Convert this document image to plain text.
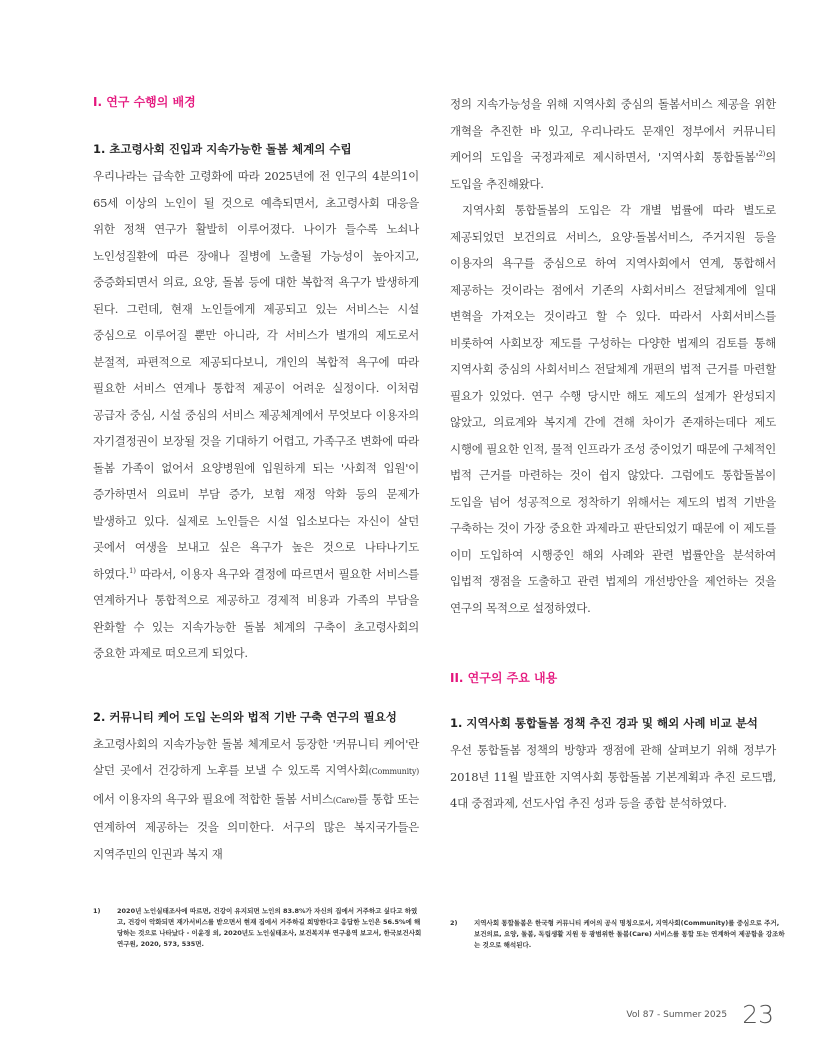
I. 연구 수행의 배경
1. 초고령사회 진입과 지속가능한 돌봄 체계의 수립

우리나라는 급속한 고령화에 따라 2025년에 전 인구의 4분의1이 65세 이상의 노인이 될 것으로 예측되면서, 초고령사회 대응을 위한 정책 연구가 활발히 이루어졌다. 나이가 들수록 노쇠나 노인성질환에 따른 장애나 질병에 노출될 가능성이 높아지고, 중증화되면서 의료, 요양, 돌봄 등에 대한 복합적 욕구가 발생하게 된다. 그런데, 현재 노인들에게 제공되고 있는 서비스는 시설 중심으로 이루어질 뿐만 아니라, 각 서비스가 별개의 제도로서 분절적, 파편적으로 제공되다보니, 개인의 복합적 욕구에 따라 필요한 서비스 연계나 통합적 제공이 어려운 실정이다. 이처럼 공급자 중심, 시설 중심의 서비스 제공체계에서 무엇보다 이용자의 자기결정권이 보장될 것을 기대하기 어렵고, 가족구조 변화에 따라 돌봄 가족이 없어서 요양병원에 입원하게 되는 '사회적 입원'이 증가하면서 의료비 부담 증가, 보험 재정 악화 등의 문제가 발생하고 있다. 실제로 노인들은 시설 입소보다는 자신이 살던 곳에서 여생을 보내고 싶은 욕구가 높은 것으로 나타나기도 하였다.$^{1)}$ 따라서, 이용자 욕구와 결정에 따르면서 필요한 서비스를 연계하거나 통합적으로 제공하고 경제적 비용과 가족의 부담을 완화할 수 있는 지속가능한 돌봄 체계의 구축이 초고령사회의 중요한 과제로 떠오르게 되었다.

2. 커뮤니티 케어 도입 논의와 법적 기반 구축 연구의 필요성

초고령사회의 지속가능한 돌봄 체계로서 등장한 '커뮤니티 케어'란 살던 곳에서 건강하게 노후를 보낼 수 있도록 지역사회(Community)에서 이용자의 욕구와 필요에 적합한 돌봄 서비스(Care)를 통합 또는 연계하여 제공하는 것을 의미한다. 서구의 많은 복지국가들은 지역주민의 인권과 복지 재

정의 지속가능성을 위해 지역사회 중심의 돌봄서비스 제공을 위한 개혁을 추진한 바 있고, 우리나라도 문재인 정부에서 커뮤니티 케어의 도입을 국정과제로 제시하면서, '지역사회 통합돌봄'$^{2)}$의 도입을 추진해왔다.

지역사회 통합돌봄의 도입은 각 개별 법률에 따라 별도로 제공되었던 보건의료 서비스, 요양·돌봄서비스, 주거지원 등을 이용자의 욕구를 중심으로 하여 지역사회에서 연계, 통합해서 제공하는 것이라는 점에서 기존의 사회서비스 전달체계에 일대 변혁을 가져오는 것이라고 할 수 있다. 따라서 사회서비스를 비롯하여 사회보장 제도를 구성하는 다양한 법제의 검토를 통해 지역사회 중심의 사회서비스 전달체계 개편의 법적 근거를 마련할 필요가 있었다. 연구 수행 당시만 해도 제도의 설계가 완성되지 않았고, 의료계와 복지계 간에 견해 차이가 존재하는데다 제도 시행에 필요한 인적, 물적 인프라가 조성 중이었기 때문에 구체적인 법적 근거를 마련하는 것이 쉽지 않았다. 그럼에도 통합돌봄이 도입을 넘어 성공적으로 정착하기 위해서는 제도의 법적 기반을 구축하는 것이 가장 중요한 과제라고 판단되었기 때문에 이 제도를 이미 도입하여 시행중인 해외 사례와 관련 법률안을 분석하여 입법적 쟁점을 도출하고 관련 법제의 개선방안을 제언하는 것을 연구의 목적으로 설정하였다.

II. 연구의 주요 내용
1. 지역사회 통합돌봄 정책 추진 경과 및 해외 사례 비교 분석

우선 통합돌봄 정책의 방향과 쟁점에 관해 살펴보기 위해 정부가 2018년 11월 발표한 지역사회 통합돌봄 기본계획과 추진 로드맵, 4대 중점과제, 선도사업 추진 성과 등을 종합 분석하였다.

1)	2020년 노인실태조사에 따르면, 건강이 유지되면 노인의 83.8%가 자신의 집에서 거주하고 싶다고 하였고, 건강이 악화되면 재가서비스를 받으면서 현재 집에서 거주하길 희망한다고 응답한 노인은 56.5%에 해당하는 것으로 나타났다 - 이윤경 외, 2020년도 노인실태조사, 보건복지부 연구용역 보고서, 한국보건사회연구원, 2020, 573, 535면.
2)	지역사회 통합돌봄은 한국형 커뮤니티 케어의 공식 명칭으로서, 지역사회(Community)를 중심으로 주거, 보건의료, 요양, 돌봄, 독립생활 지원 등 광범위한 돌봄(Care) 서비스를 통합 또는 연계하여 제공함을 강조하는 것으로 해석된다.
Vol 87 - Summer 2025 23
